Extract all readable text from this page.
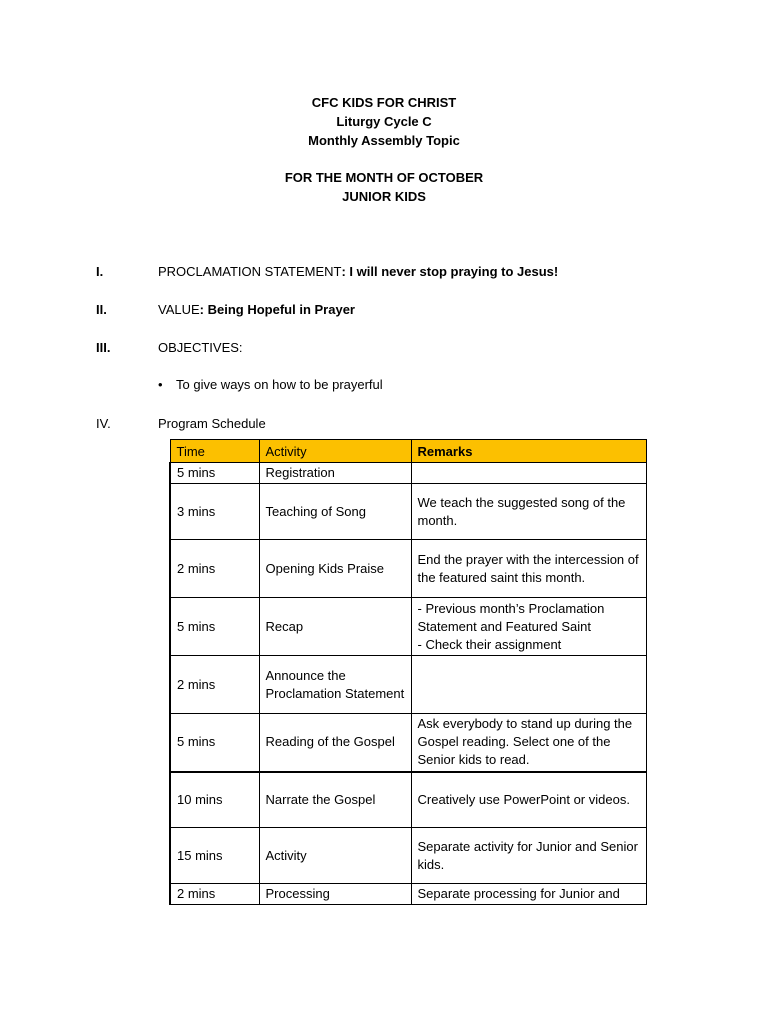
CFC KIDS FOR CHRIST
Liturgy Cycle C
Monthly Assembly Topic
FOR THE MONTH OF OCTOBER
JUNIOR KIDS
I.	PROCLAMATION STATEMENT: I will never stop praying to Jesus!
II.	VALUE: Being Hopeful in Prayer
III.	OBJECTIVES:
• To give ways on how to be prayerful
IV.	Program Schedule
Time	Activity	Remarks
5 mins	Registration	
3 mins	Teaching of Song	We teach the suggested song of the month.
2 mins	Opening Kids Praise	End the prayer with the intercession of the featured saint this month.
5 mins	Recap	- Previous month’s Proclamation Statement and Featured Saint
- Check their assignment
2 mins	Announce the Proclamation Statement	
5 mins	Reading of the Gospel	Ask everybody to stand up during the Gospel reading. Select one of the Senior kids to read.
10 mins	Narrate the Gospel	Creatively use PowerPoint or videos.
15 mins	Activity	Separate activity for Junior and Senior kids.
2 mins	Processing	Separate processing for Junior and
